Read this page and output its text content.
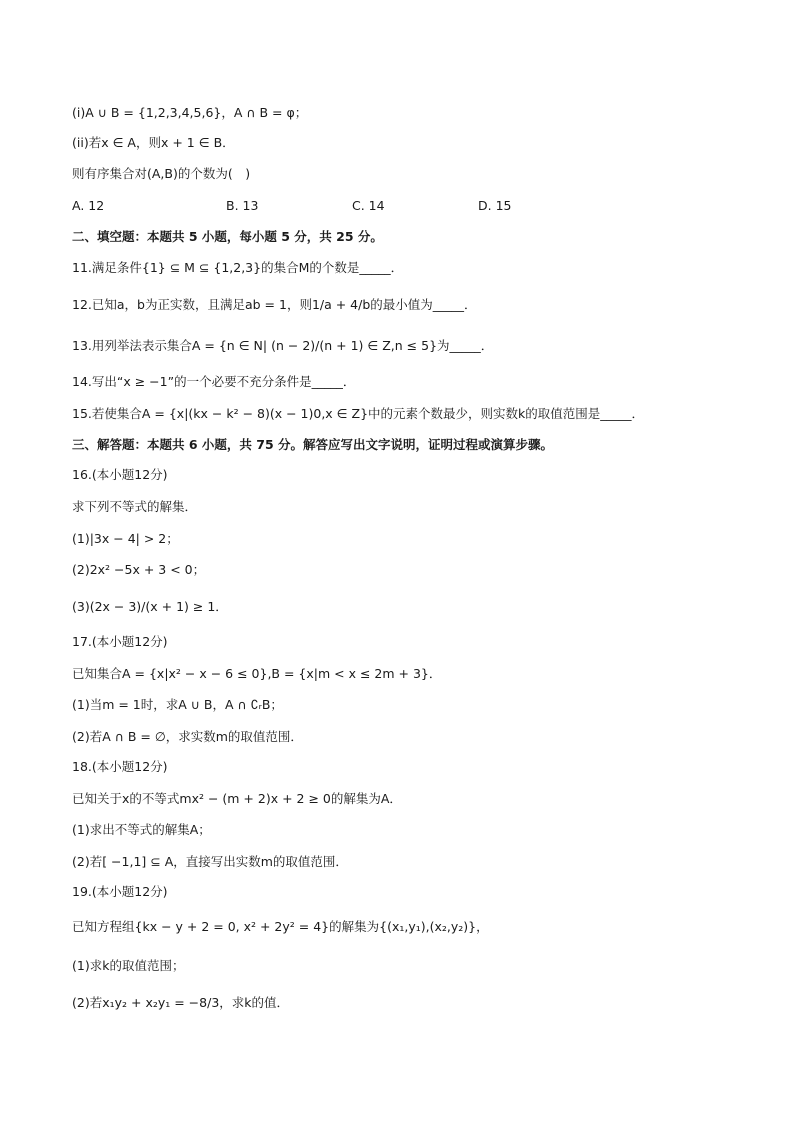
(i)A ∪ B = {1,2,3,4,5,6}，A ∩ B = φ；
(ii)若x ∈ A，则x + 1 ∈ B．
则有序集合对(A,B)的个数为(　)
A. 12	B. 13	C. 14	D. 15
二、填空题：本题共 5 小题，每小题 5 分，共 25 分。
11.满足条件{1} ⊆ M ⊆ {1,2,3}的集合M的个数是_____．
12.已知a，b为正实数，且满足ab = 1，则1/a + 4/b的最小值为_____．
13.用列举法表示集合A = {n ∈ N| (n − 2)/(n + 1) ∈ Z,n ≤ 5}为_____．
14.写出“x ≥ −1”的一个必要不充分条件是_____．
15.若使集合A = {x|(kx − k² − 8)(x − 1)0,x ∈ Z}中的元素个数最少，则实数k的取值范围是_____．
三、解答题：本题共 6 小题，共 75 分。解答应写出文字说明，证明过程或演算步骤。
16.(本小题12分)
求下列不等式的解集．
(1)|3x − 4| > 2；
(2)2x² −5x + 3 < 0；
(3)(2x − 3)/(x + 1) ≥ 1．
17.(本小题12分)
已知集合A = {x|x² − x − 6 ≤ 0},B = {x|m < x ≤ 2m + 3}．
(1)当m = 1时，求A ∪ B，A ∩ ∁ᵣB；
(2)若A ∩ B = ∅，求实数m的取值范围．
18.(本小题12分)
已知关于x的不等式mx² − (m + 2)x + 2 ≥ 0的解集为A．
(1)求出不等式的解集A；
(2)若[ −1,1] ⊆ A，直接写出实数m的取值范围．
19.(本小题12分)
已知方程组{kx − y + 2 = 0, x² + 2y² = 4}的解集为{(x₁,y₁),(x₂,y₂)}，
(1)求k的取值范围；
(2)若x₁y₂ + x₂y₁ = −8/3，求k的值．
